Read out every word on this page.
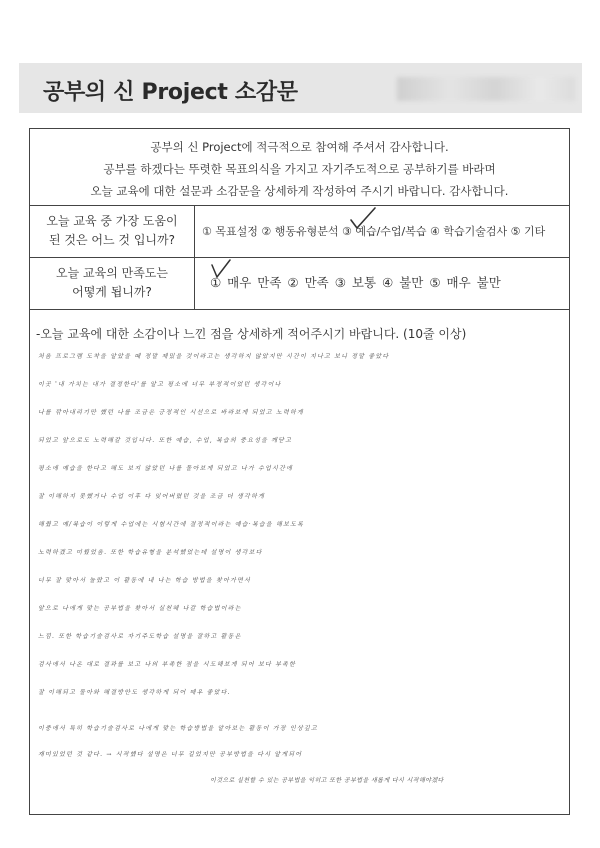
공부의 신 Project 소감문
공부의 신 Project에 적극적으로 참여해 주셔서 감사합니다.
공부를 하겠다는 뚜렷한 목표의식을 가지고 자기주도적으로 공부하기를 바라며
오늘 교육에 대한 설문과 소감문을 상세하게 작성하여 주시기 바랍니다. 감사합니다.
오늘 교육 중 가장 도움이
된 것은 어느 것 입니까?
① 목표설정 ② 행동유형분석 ③ 예습/수업/복습 ④ 학습기술검사 ⑤ 기타
오늘 교육의 만족도는
어떻게 됩니까?
① 매우 만족 ② 만족 ③ 보통 ④ 불만 ⑤ 매우 불만
-오늘 교육에 대한 소감이나 느낀 점을 상세하게 적어주시기 바랍니다. (10줄 이상)
처음 프로그램 도착을 알았을 때 정말 재밌을 것이라고는 생각하지 않았지만 시간이 지나고 보니 정말 좋았다
이곳 '내 가치는 내가 결정한다'를 알고 평소에 너무 부정적이었던 생각이나
나를 깎아내리기만 했던 나를 조금은 긍정적인 시선으로 바라보게 되었고 노력하게
되었고 앞으로도 노력해갈 것입니다. 또한 예습, 수업, 복습의 중요성을 깨닫고
평소에 예습을 한다고 해도 보지 않았던 나를 돌아보게 되었고 나가 수업시간에
잘 이해하지 못했거나 수업 이후 다 잊어버렸던 것을 조금 더 생각하게
해줬고 예/복습이 이렇게 수업에는 시험시간에 결정적이라는 예습·복습을 해보도록
노력하겠고 미뤘었음. 또한 학습유형을 분석했었는데 설명이 생각보다
너무 잘 맞아서 놀랐고 이 활동에 내 나는 학습 방법을 찾아가면서
앞으로 나에게 맞는 공부법을 찾아서 실천해 나갈 학습법이라는
느낌. 또한 학습기술검사로 자기주도학습 설명을 잘하고 활동은
검사에서 나온 대로 결과를 보고 나의 부족한 점을 시도해보게 되어 보다 부족한
잘 이해되고 돌아와 해결방안도 생각하게 되어 매우 좋았다.
이중에서 특히 학습기술검사로 나에게 맞는 학습방법을 알아보는 활동이 가장 인상깊고
재미있었던 것 같다. → 시작했다 설명은 너무 길었지만 공부방법을 다시 알게되어
이것으로 실천할 수 있는 공부법을 익히고 또한 공부법을 새롭게 다시 시작해야겠다
